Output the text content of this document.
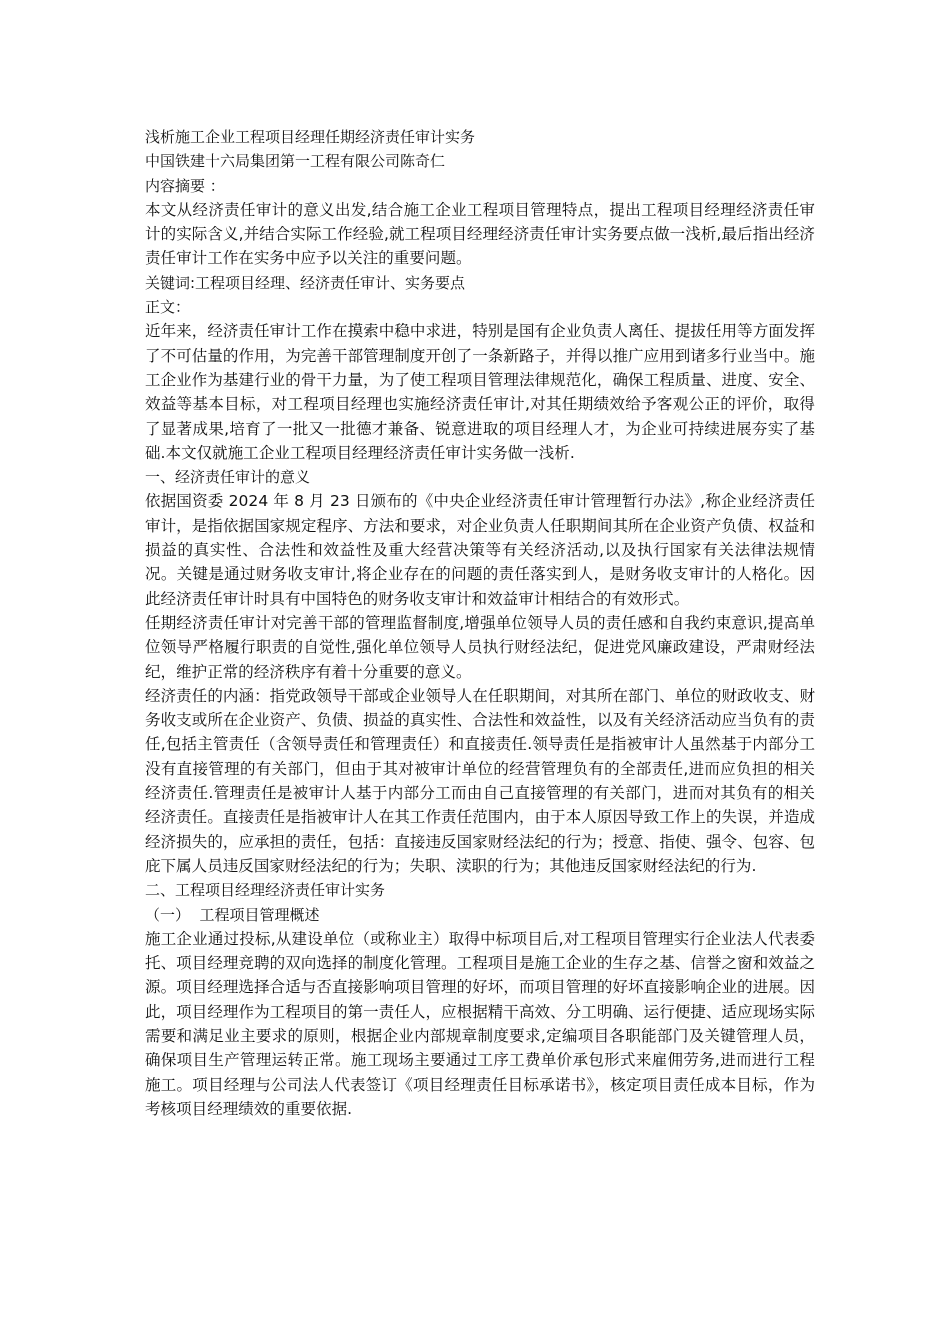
浅析施工企业工程项目经理任期经济责任审计实务

中国铁建十六局集团第一工程有限公司陈奇仁

内容摘要 ：

本文从经济责任审计的意义出发,结合施工企业工程项目管理特点，提出工程项目经理经济责任审计的实际含义,并结合实际工作经验,就工程项目经理经济责任审计实务要点做一浅析,最后指出经济责任审计工作在实务中应予以关注的重要问题。

关键词:工程项目经理、经济责任审计、实务要点

正文：

近年来，经济责任审计工作在摸索中稳中求进，特别是国有企业负责人离任、提拔任用等方面发挥了不可估量的作用，为完善干部管理制度开创了一条新路子，并得以推广应用到诸多行业当中。施工企业作为基建行业的骨干力量，为了使工程项目管理法律规范化，确保工程质量、进度、安全、效益等基本目标，对工程项目经理也实施经济责任审计,对其任期绩效给予客观公正的评价，取得了显著成果,培育了一批又一批德才兼备、锐意进取的项目经理人才，为企业可持续进展夯实了基础.本文仅就施工企业工程项目经理经济责任审计实务做一浅析.

一、经济责任审计的意义

依据国资委 2024 年 8 月 23 日颁布的《中央企业经济责任审计管理暂行办法》,称企业经济责任审计，是指依据国家规定程序、方法和要求，对企业负责人任职期间其所在企业资产负债、权益和损益的真实性、合法性和效益性及重大经营决策等有关经济活动,以及执行国家有关法律法规情况。关键是通过财务收支审计,将企业存在的问题的责任落实到人，是财务收支审计的人格化。因此经济责任审计时具有中国特色的财务收支审计和效益审计相结合的有效形式。

任期经济责任审计对完善干部的管理监督制度,增强单位领导人员的责任感和自我约束意识,提高单位领导严格履行职责的自觉性,强化单位领导人员执行财经法纪，促进党风廉政建设，严肃财经法纪，维护正常的经济秩序有着十分重要的意义。

经济责任的内涵：指党政领导干部或企业领导人在任职期间，对其所在部门、单位的财政收支、财务收支或所在企业资产、负债、损益的真实性、合法性和效益性，以及有关经济活动应当负有的责任,包括主管责任（含领导责任和管理责任）和直接责任.领导责任是指被审计人虽然基于内部分工没有直接管理的有关部门，但由于其对被审计单位的经营管理负有的全部责任,进而应负担的相关经济责任.管理责任是被审计人基于内部分工而由自己直接管理的有关部门，进而对其负有的相关经济责任。直接责任是指被审计人在其工作责任范围内，由于本人原因导致工作上的失误，并造成经济损失的，应承担的责任，包括：直接违反国家财经法纪的行为；授意、指使、强令、包容、包庇下属人员违反国家财经法纪的行为；失职、渎职的行为；其他违反国家财经法纪的行为.

二、工程项目经理经济责任审计实务

（一）  工程项目管理概述

施工企业通过投标,从建设单位（或称业主）取得中标项目后,对工程项目管理实行企业法人代表委托、项目经理竞聘的双向选择的制度化管理。工程项目是施工企业的生存之基、信誉之窗和效益之源。项目经理选择合适与否直接影响项目管理的好坏，而项目管理的好坏直接影响企业的进展。因此，项目经理作为工程项目的第一责任人，应根据精干高效、分工明确、运行便捷、适应现场实际需要和满足业主要求的原则，根据企业内部规章制度要求,定编项目各职能部门及关键管理人员，确保项目生产管理运转正常。施工现场主要通过工序工费单价承包形式来雇佣劳务,进而进行工程施工。项目经理与公司法人代表签订《项目经理责任目标承诺书》，核定项目责任成本目标，作为考核项目经理绩效的重要依据.
